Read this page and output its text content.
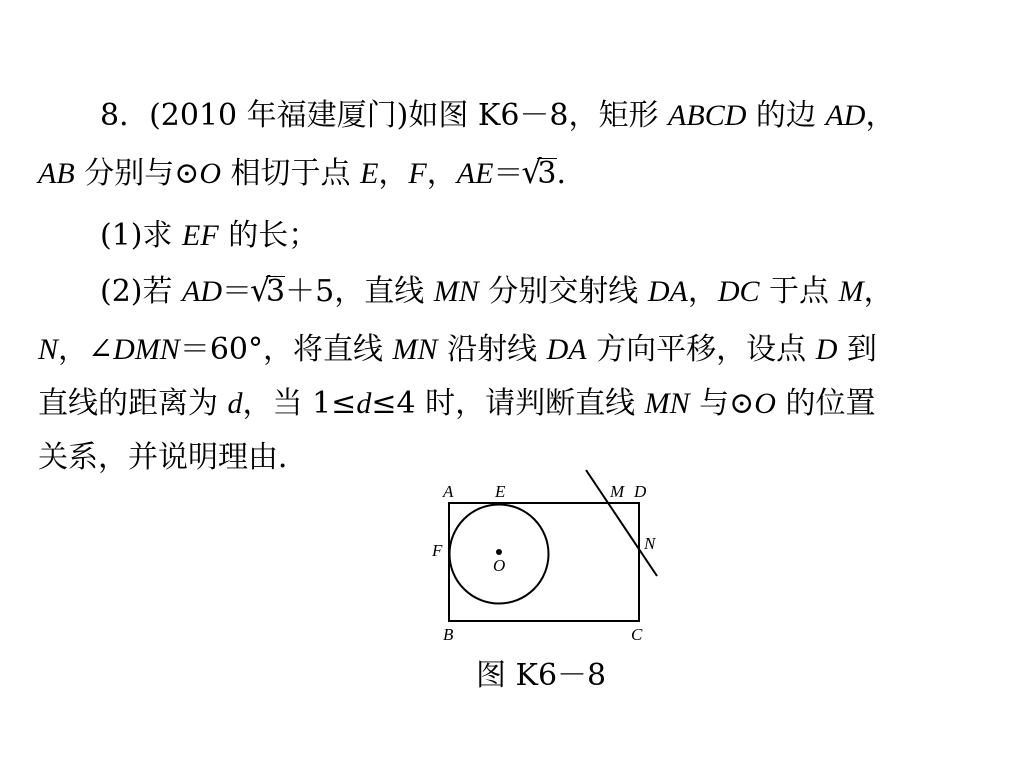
8．(2010 年福建厦门)如图 K6－8，矩形 ABCD 的边 AD，
AB 分别与⊙O 相切于点 E，F，AE＝ √ 3.
(1)求 EF 的长；
(2)若 AD＝ √ 3＋5，直线 MN 分别交射线 DA，DC 于点 M，
N，∠DMN＝60°，将直线 MN 沿射线 DA 方向平移，设点 D 到
直线的距离为 d，当 1≤d≤4 时，请判断直线 MN 与⊙O 的位置
关系，并说明理由．
A E	M D
F	N
O
B	C
图 K6－8
